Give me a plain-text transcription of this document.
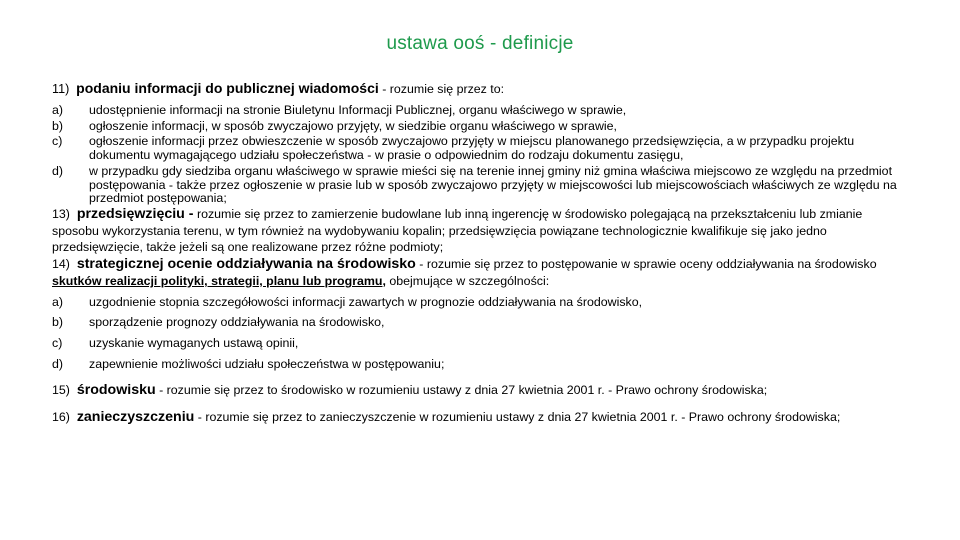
ustawa ooś - definicje

11) podaniu informacji do publicznej wiadomości - rozumie się przez to:

a)	udostępnienie informacji na stronie Biuletynu Informacji Publicznej, organu właściwego w sprawie,

b)	ogłoszenie informacji, w sposób zwyczajowo przyjęty, w siedzibie organu właściwego w sprawie,

c)	ogłoszenie informacji przez obwieszczenie w sposób zwyczajowo przyjęty w miejscu planowanego przedsięwzięcia, a w przypadku projektu dokumentu wymagającego udziału społeczeństwa - w prasie o odpowiednim do rodzaju dokumentu zasięgu,

d)	w przypadku gdy siedziba organu właściwego w sprawie mieści się na terenie innej gminy niż gmina właściwa miejscowo ze względu na przedmiot postępowania - także przez ogłoszenie w prasie lub w sposób zwyczajowo przyjęty w miejscowości lub miejscowościach właściwych ze względu na przedmiot postępowania;

13) przedsięwzięciu - rozumie się przez to zamierzenie budowlane lub inną ingerencję w środowisko polegającą na przekształceniu lub zmianie sposobu wykorzystania terenu, w tym również na wydobywaniu kopalin; przedsięwzięcia powiązane technologicznie kwalifikuje się jako jedno przedsięwzięcie, także jeżeli są one realizowane przez różne podmioty;

14) strategicznej ocenie oddziaływania na środowisko - rozumie się przez to postępowanie w sprawie oceny oddziaływania na środowisko skutków realizacji polityki, strategii, planu lub programu, obejmujące w szczególności:

a)	uzgodnienie stopnia szczegółowości informacji zawartych w prognozie oddziaływania na środowisko,

b)	sporządzenie prognozy oddziaływania na środowisko,

c)	uzyskanie wymaganych ustawą opinii,

d)	zapewnienie możliwości udziału społeczeństwa w postępowaniu;

15) środowisku - rozumie się przez to środowisko w rozumieniu ustawy z dnia 27 kwietnia 2001 r. - Prawo ochrony środowiska;

16) zanieczyszczeniu - rozumie się przez to zanieczyszczenie w rozumieniu ustawy z dnia 27 kwietnia 2001 r. - Prawo ochrony środowiska;
